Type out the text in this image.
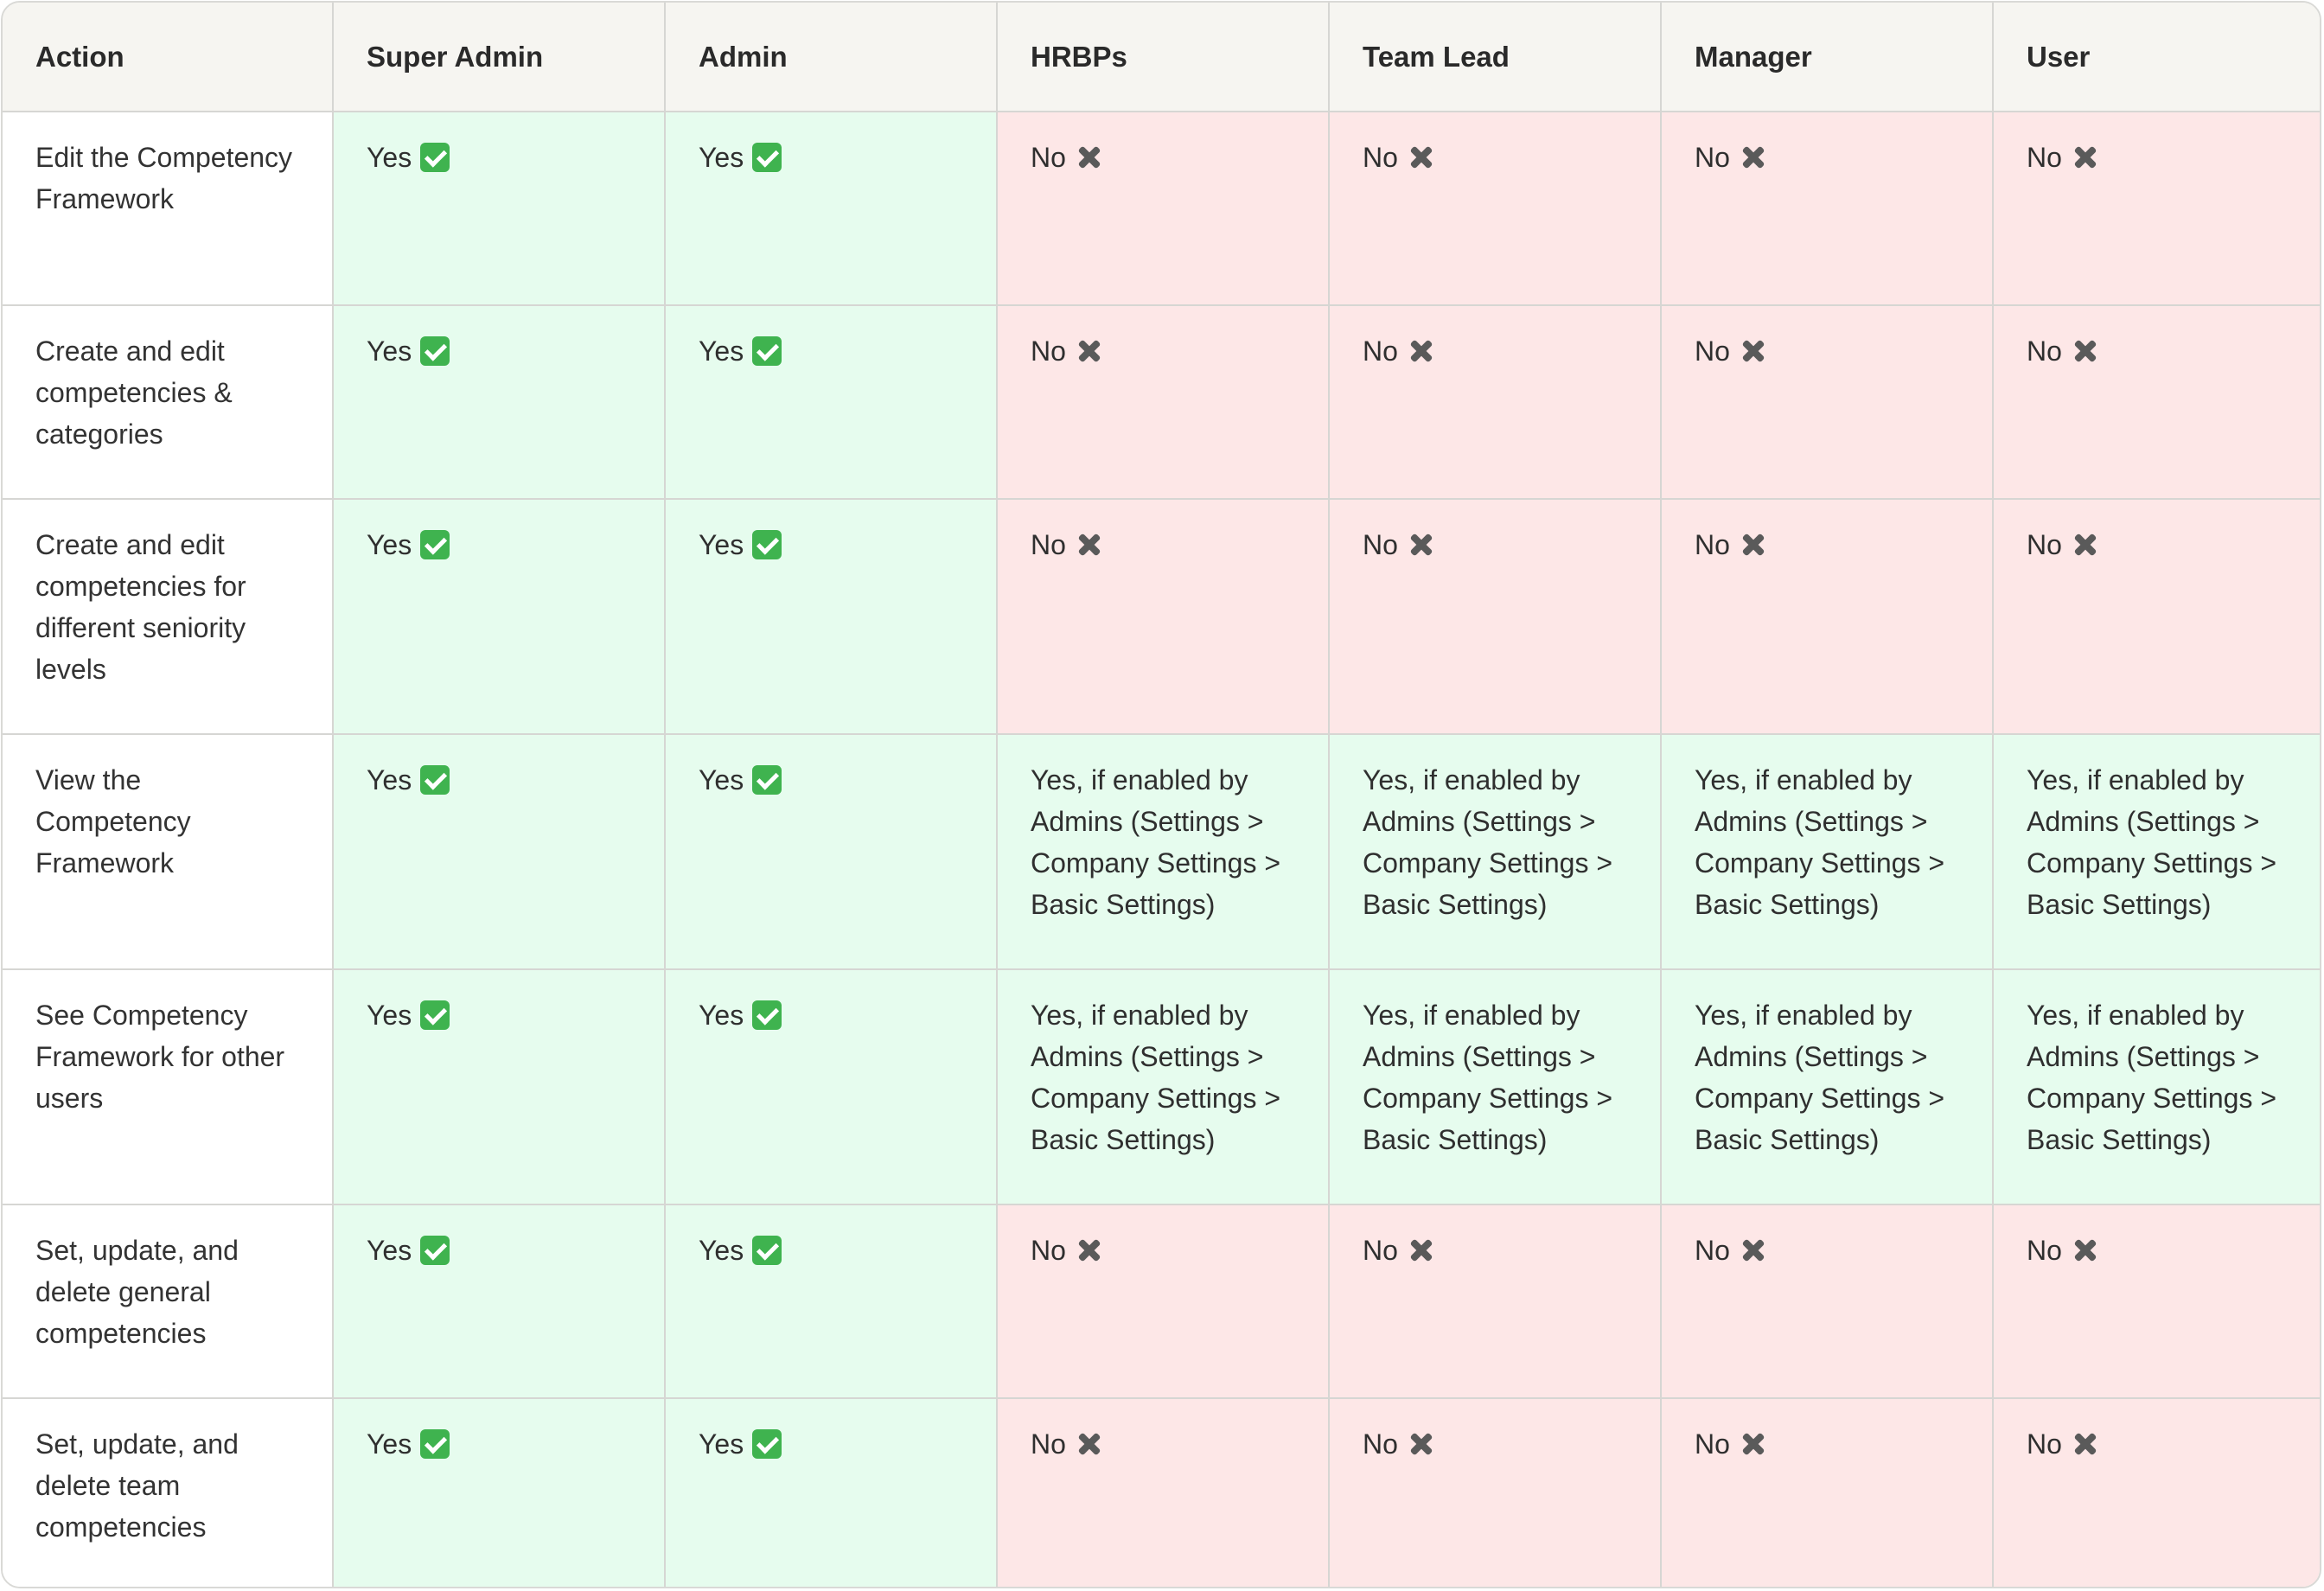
Action	Super Admin	Admin	HRBPs	Team Lead	Manager	User
Edit the Competency Framework	Yes	Yes	No	No	No	No
Create and edit competencies & categories	Yes	Yes	No	No	No	No
Create and edit competencies for different seniority levels	Yes	Yes	No	No	No	No
View the Competency Framework	Yes	Yes	Yes, if enabled by Admins (Settings > Company Settings > Basic Settings)	Yes, if enabled by Admins (Settings > Company Settings > Basic Settings)	Yes, if enabled by Admins (Settings > Company Settings > Basic Settings)	Yes, if enabled by Admins (Settings > Company Settings > Basic Settings)
See Competency Framework for other users	Yes	Yes	Yes, if enabled by Admins (Settings > Company Settings > Basic Settings)	Yes, if enabled by Admins (Settings > Company Settings > Basic Settings)	Yes, if enabled by Admins (Settings > Company Settings > Basic Settings)	Yes, if enabled by Admins (Settings > Company Settings > Basic Settings)
Set, update, and delete general competencies	Yes	Yes	No	No	No	No
Set, update, and delete team competencies	Yes	Yes	No	No	No	No
